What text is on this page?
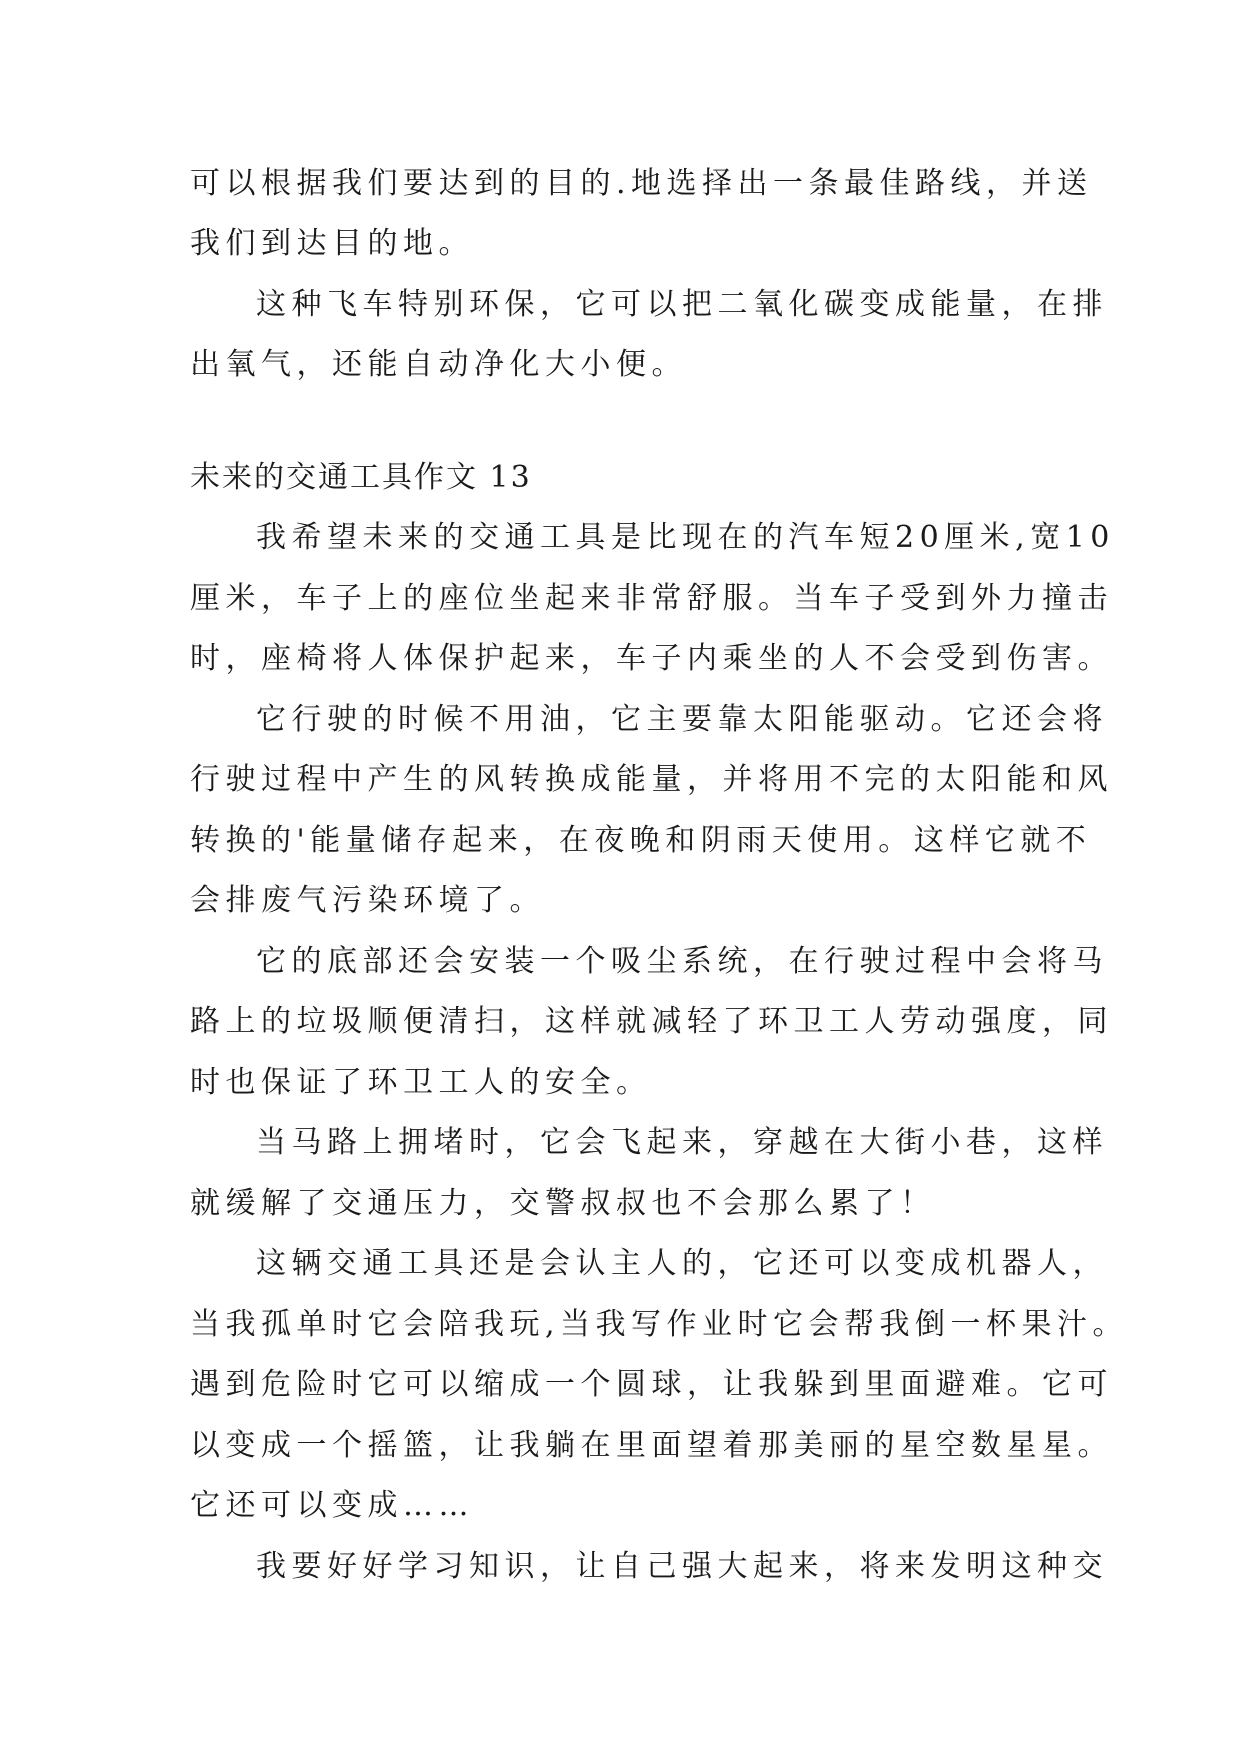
可以根据我们要达到的目的.地选择出一条最佳路线，并送
我们到达目的地。
这种飞车特别环保，它可以把二氧化碳变成能量，在排
出氧气，还能自动净化大小便。
未来的交通工具作文 13
我希望未来的交通工具是比现在的汽车短20厘米,宽10
厘米，车子上的座位坐起来非常舒服。当车子受到外力撞击
时，座椅将人体保护起来，车子内乘坐的人不会受到伤害。
它行驶的时候不用油，它主要靠太阳能驱动。它还会将
行驶过程中产生的风转换成能量，并将用不完的太阳能和风
转换的'能量储存起来，在夜晚和阴雨天使用。这样它就不
会排废气污染环境了。
它的底部还会安装一个吸尘系统，在行驶过程中会将马
路上的垃圾顺便清扫，这样就减轻了环卫工人劳动强度，同
时也保证了环卫工人的安全。
当马路上拥堵时，它会飞起来，穿越在大街小巷，这样
就缓解了交通压力，交警叔叔也不会那么累了！
这辆交通工具还是会认主人的，它还可以变成机器人，
当我孤单时它会陪我玩,当我写作业时它会帮我倒一杯果汁。
遇到危险时它可以缩成一个圆球，让我躲到里面避难。它可
以变成一个摇篮，让我躺在里面望着那美丽的星空数星星。
它还可以变成……
我要好好学习知识，让自己强大起来，将来发明这种交
